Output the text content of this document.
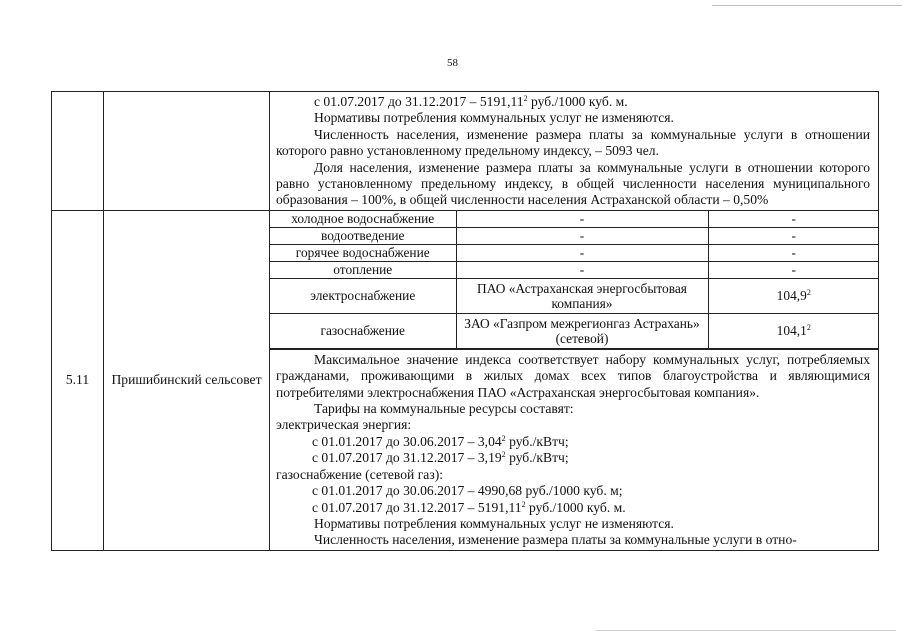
58

с 01.07.2017 до 31.12.2017 – 5191,11$^2$ руб./1000 куб. м.

Нормативы потребления коммунальных услуг не изменяются.

Численность населения, изменение размера платы за коммунальные услуги в отношении которого равно установленному предельному индексу, – 5093 чел.

Доля населения, изменение размера платы за коммунальные услуги в отношении которого равно установленному предельному индексу, в общей численности населения муниципального образования – 100%, в общей численности населения Астраханской области – 0,50%

5.11	Пришибинский сельсовет	
холодное водоснабжение	-	-
водоотведение	-	-
горячее водоснабжение	-	-
отопление	-	-
электроснабжение	ПАО «Астраханская энергосбытовая компания»	104,9$^2$
газоснабжение	ЗАО «Газпром межрегионгаз Астрахань» (сетевой)	104,1$^2$

Максимальное значение индекса соответствует набору коммунальных услуг, потребляемых гражданами, проживающими в жилых домах всех типов благоустройства и являющимися потребителями электроснабжения ПАО «Астраханская энергосбытовая компания».

Тарифы на коммунальные ресурсы составят:

электрическая энергия:

с 01.01.2017 до 30.06.2017 – 3,04$^2$ руб./кВтч;

с 01.07.2017 до 31.12.2017 – 3,19$^2$ руб./кВтч;

газоснабжение (сетевой газ):

с 01.01.2017 до 30.06.2017 – 4990,68 руб./1000 куб. м;

с 01.07.2017 до 31.12.2017 – 5191,11$^2$ руб./1000 куб. м.

Нормативы потребления коммунальных услуг не изменяются.

Численность населения, изменение размера платы за коммунальные услуги в отно-
